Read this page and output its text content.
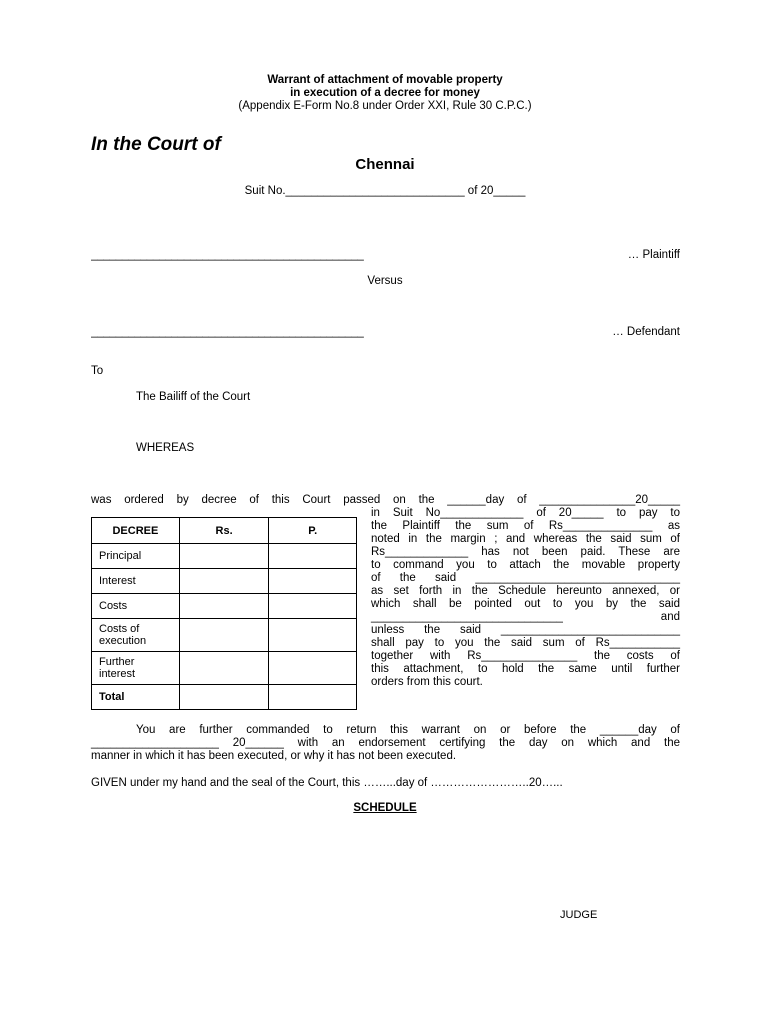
Warrant of attachment of movable property
in execution of a decree for money
(Appendix E-Form No.8 under Order XXI, Rule 30 C.P.C.)
In the Court of
Chennai
Suit No.____________________________ of 20_____
____________________________________________	… Plaintiff
Versus
____________________________________________	… Defendant
To
The Bailiff of the Court
WHEREAS
was ordered by decree of this Court passed on the ______day of _______________20_____
DECREE	Rs.	P.
Principal		
Interest		
Costs		
Costs of execution		
Further interest		
Total		
in Suit No_____________ of 20_____ to pay to
the Plaintiff the sum of Rs______________ as
noted in the margin ; and whereas the said sum of
Rs_____________ has not been paid. These are
to command you to attach the movable property
of the said ________________________________
as set forth in the Schedule hereunto annexed, or
which shall be pointed out to you by the said
______________________________ and
unless the said ____________________________
shall pay to you the said sum of Rs___________
together with Rs_______________ the costs of
this attachment, to hold the same until further
orders from this court.
You are further commanded to return this warrant on or before the ______day of
____________________ 20______ with an endorsement certifying the day on which and the
manner in which it has been executed, or why it has not been executed.
GIVEN under my hand and the seal of the Court, this ……...day of ……………………..20…...
SCHEDULE
JUDGE
